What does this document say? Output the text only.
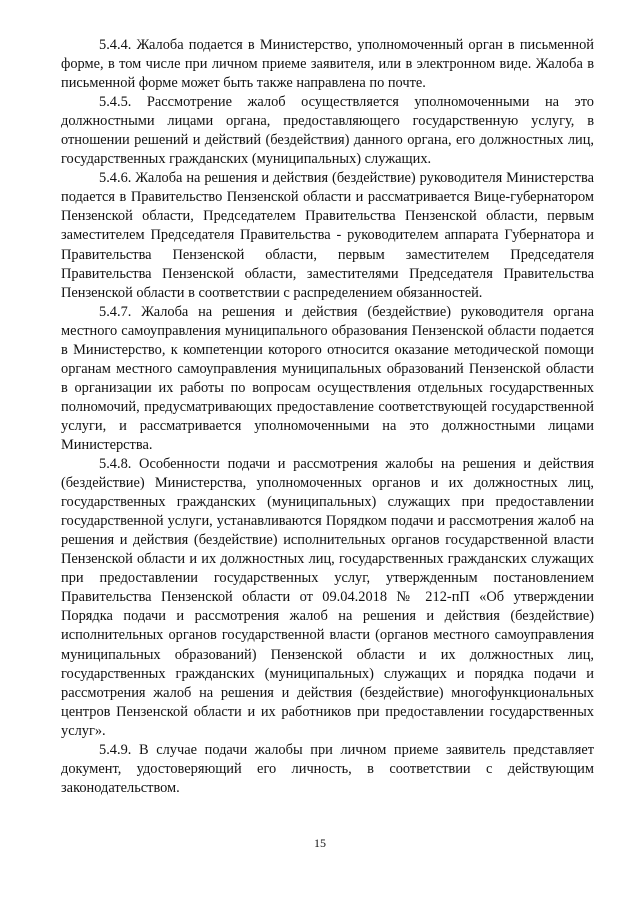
5.4.4. Жалоба подается в Министерство, уполномоченный орган в письменной форме, в том числе при личном приеме заявителя, или в электронном виде. Жалоба в письменной форме может быть также направлена по почте.

5.4.5. Рассмотрение жалоб осуществляется уполномоченными на это должностными лицами органа, предоставляющего государственную услугу, в отношении решений и действий (бездействия) данного органа, его должностных лиц, государственных гражданских (муниципальных) служащих.

5.4.6. Жалоба на решения и действия (бездействие) руководителя Министерства подается в Правительство Пензенской области и рассматривается Вице-губернатором Пензенской области, Председателем Правительства Пензенской области, первым заместителем Председателя Правительства - руководителем аппарата Губернатора и Правительства Пензенской области, первым заместителем Председателя Правительства Пензенской области, заместителями Председателя Правительства Пензенской области в соответствии с распределением обязанностей.

5.4.7. Жалоба на решения и действия (бездействие) руководителя органа местного самоуправления муниципального образования Пензенской области подается в Министерство, к компетенции которого относится оказание методической помощи органам местного самоуправления муниципальных образований Пензенской области в организации их работы по вопросам осуществления отдельных государственных полномочий, предусматривающих предоставление соответствующей государственной услуги, и рассматривается уполномоченными на это должностными лицами Министерства.

5.4.8. Особенности подачи и рассмотрения жалобы на решения и действия (бездействие) Министерства, уполномоченных органов и их должностных лиц, государственных гражданских (муниципальных) служащих при предоставлении государственной услуги, устанавливаются Порядком подачи и рассмотрения жалоб на решения и действия (бездействие) исполнительных органов государственной власти Пензенской области и их должностных лиц, государственных гражданских служащих при предоставлении государственных услуг, утвержденным постановлением Правительства Пензенской области от 09.04.2018 № 212-пП «Об утверждении Порядка подачи и рассмотрения жалоб на решения и действия (бездействие) исполнительных органов государственной власти (органов местного самоуправления муниципальных образований) Пензенской области и их должностных лиц, государственных гражданских (муниципальных) служащих и порядка подачи и рассмотрения жалоб на решения и действия (бездействие) многофункциональных центров Пензенской области и их работников при предоставлении государственных услуг».

5.4.9. В случае подачи жалобы при личном приеме заявитель представляет документ, удостоверяющий его личность, в соответствии с действующим законодательством.

15
